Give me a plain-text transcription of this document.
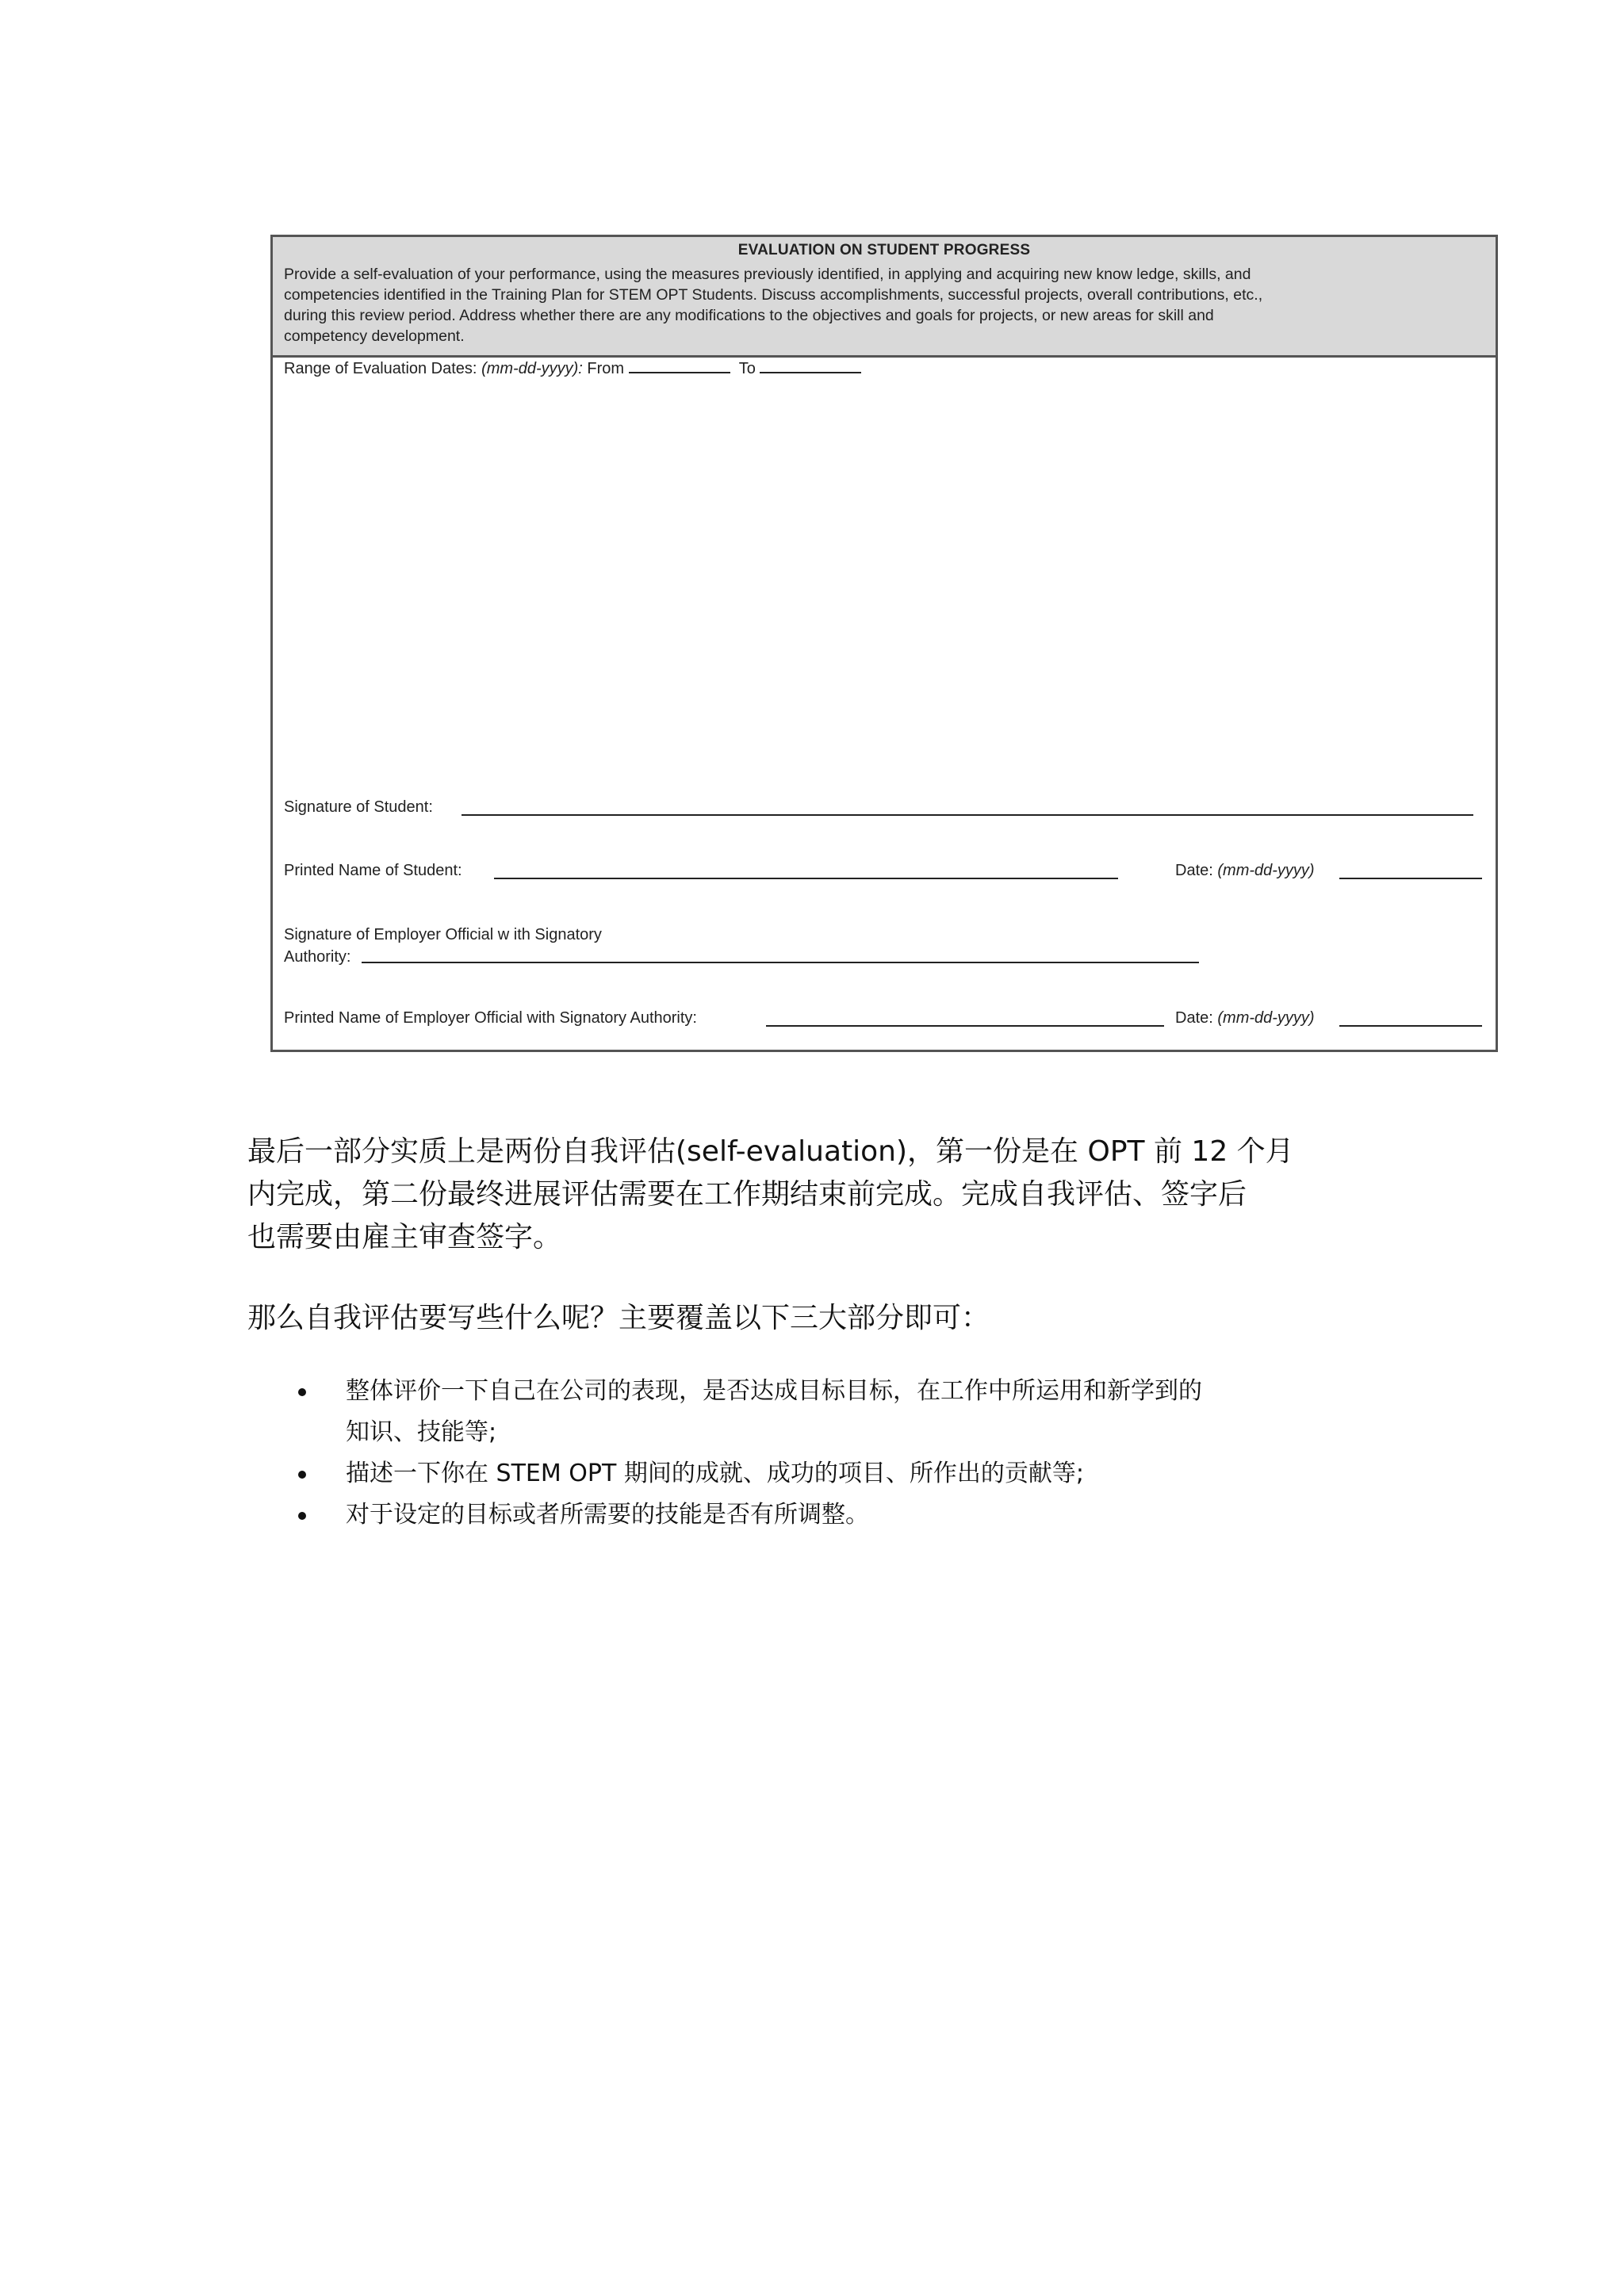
EVALUATION ON STUDENT PROGRESS
Provide a self-evaluation of your performance, using the measures previously identified, in applying and acquiring new know ledge, skills, and
competencies identified in the Training Plan for STEM OPT Students. Discuss accomplishments, successful projects, overall contributions, etc.,
during this review period. Address whether there are any modifications to the objectives and goals for projects, or new areas for skill and
competency development.
Range of Evaluation Dates: (mm-dd-yyyy): From	To
Signature of Student:
Printed Name of Student:	Date: (mm-dd-yyyy)
Signature of Employer Official w ith Signatory
Authority:
Printed Name of Employer Official with Signatory Authority:	Date: (mm-dd-yyyy)
最后一部分实质上是两份自我评估(self-evaluation)，第一份是在 OPT 前 12 个月
内完成，第二份最终进展评估需要在工作期结束前完成。完成自我评估、签字后
也需要由雇主审查签字。
那么自我评估要写些什么呢？主要覆盖以下三大部分即可：
整体评价一下自己在公司的表现，是否达成目标目标，在工作中所运用和新学到的
知识、技能等;
描述一下你在 STEM OPT 期间的成就、成功的项目、所作出的贡献等;
对于设定的目标或者所需要的技能是否有所调整。
